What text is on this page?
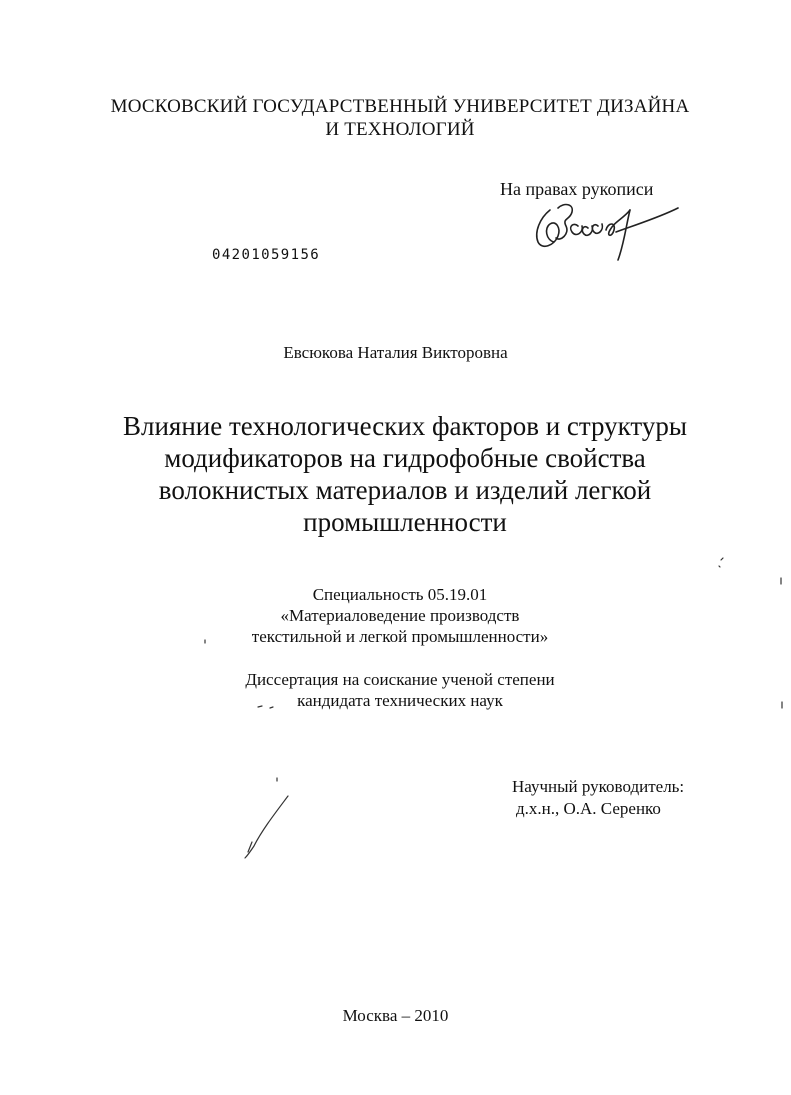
МОСКОВСКИЙ ГОСУДАРСТВЕННЫЙ УНИВЕРСИТЕТ ДИЗАЙНА
И ТЕХНОЛОГИЙ
На правах рукописи
04201059156
Евсюкова Наталия Викторовна
Влияние технологических факторов и структуры
модификаторов на гидрофобные свойства
волокнистых материалов и изделий легкой
промышленности
Специальность 05.19.01
«Материаловедение производств
текстильной и легкой промышленности»
Диссертация на соискание ученой степени
кандидата технических наук
Научный руководитель:
д.х.н., О.А. Серенко
Москва – 2010
